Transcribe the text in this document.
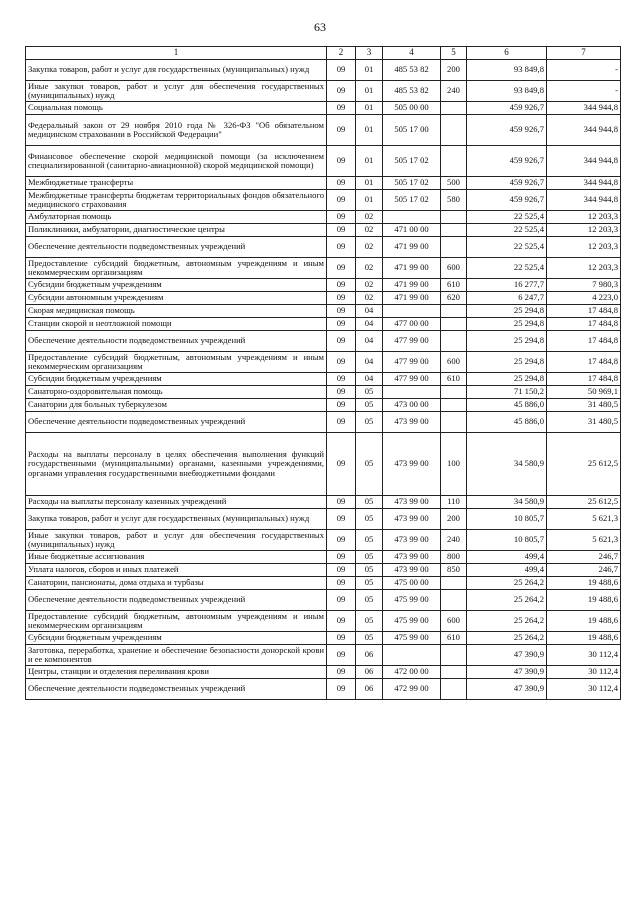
63
1	2	3	4	5	6	7
Закупка товаров, работ и услуг для государственных (муниципальных) нужд	09	01	485 53 82	200	93 849,8	-
Иные закупки товаров, работ и услуг для обеспечения государственных (муниципальных) нужд	09	01	485 53 82	240	93 849,8	-
Социальная помощь	09	01	505 00 00		459 926,7	344 944,8
Федеральный закон от 29 ноября 2010 года № 326-ФЗ "Об обязательном медицинском страховании в Российской Федерации"	09	01	505 17 00		459 926,7	344 944,8
Финансовое обеспечение скорой медицинской помощи (за исключением специализированной (санитарно-авиационной) скорой медицинской помощи)	09	01	505 17 02		459 926,7	344 944,8
Межбюджетные трансферты	09	01	505 17 02	500	459 926,7	344 944,8
Межбюджетные трансферты бюджетам территориальных фондов обязательного медицинского страхования	09	01	505 17 02	580	459 926,7	344 944,8
Амбулаторная помощь	09	02			22 525,4	12 203,3
Поликлиники, амбулатории, диагностические центры	09	02	471 00 00		22 525,4	12 203,3
Обеспечение деятельности подведомственных учреждений	09	02	471 99 00		22 525,4	12 203,3
Предоставление субсидий бюджетным, автономным учреждениям и иным некоммерческим организациям	09	02	471 99 00	600	22 525,4	12 203,3
Субсидии бюджетным учреждениям	09	02	471 99 00	610	16 277,7	7 980,3
Субсидии автономным учреждениям	09	02	471 99 00	620	6 247,7	4 223,0
Скорая медицинская помощь	09	04			25 294,8	17 484,8
Станции скорой и неотложной помощи	09	04	477 00 00		25 294,8	17 484,8
Обеспечение деятельности подведомственных учреждений	09	04	477 99 00		25 294,8	17 484,8
Предоставление субсидий бюджетным, автономным учреждениям и иным некоммерческим организациям	09	04	477 99 00	600	25 294,8	17 484,8
Субсидии бюджетным учреждениям	09	04	477 99 00	610	25 294,8	17 484,8
Санаторно-оздоровительная помощь	09	05			71 150,2	50 969,1
Санатории для больных туберкулезом	09	05	473 00 00		45 886,0	31 480,5
Обеспечение деятельности подведомственных учреждений	09	05	473 99 00		45 886,0	31 480,5
Расходы на выплаты персоналу в целях обеспечения выполнения функций государственными (муниципальными) органами, казенными учреждениями, органами управления государственными внебюджетными фондами	09	05	473 99 00	100	34 580,9	25 612,5
Расходы на выплаты персоналу казенных учреждений	09	05	473 99 00	110	34 580,9	25 612,5
Закупка товаров, работ и услуг для государственных (муниципальных) нужд	09	05	473 99 00	200	10 805,7	5 621,3
Иные закупки товаров, работ и услуг для обеспечения государственных (муниципальных) нужд	09	05	473 99 00	240	10 805,7	5 621,3
Иные бюджетные ассигнования	09	05	473 99 00	800	499,4	246,7
Уплата налогов, сборов и иных платежей	09	05	473 99 00	850	499,4	246,7
Санатории, пансионаты, дома отдыха и турбазы	09	05	475 00 00		25 264,2	19 488,6
Обеспечение деятельности подведомственных учреждений	09	05	475 99 00		25 264,2	19 488,6
Предоставление субсидий бюджетным, автономным учреждениям и иным некоммерческим организациям	09	05	475 99 00	600	25 264,2	19 488,6
Субсидии бюджетным учреждениям	09	05	475 99 00	610	25 264,2	19 488,6
Заготовка, переработка, хранение и обеспечение безопасности донорской крови и ее компонентов	09	06			47 390,9	30 112,4
Центры, станции и отделения переливания крови	09	06	472 00 00		47 390,9	30 112,4
Обеспечение деятельности подведомственных учреждений	09	06	472 99 00		47 390,9	30 112,4
